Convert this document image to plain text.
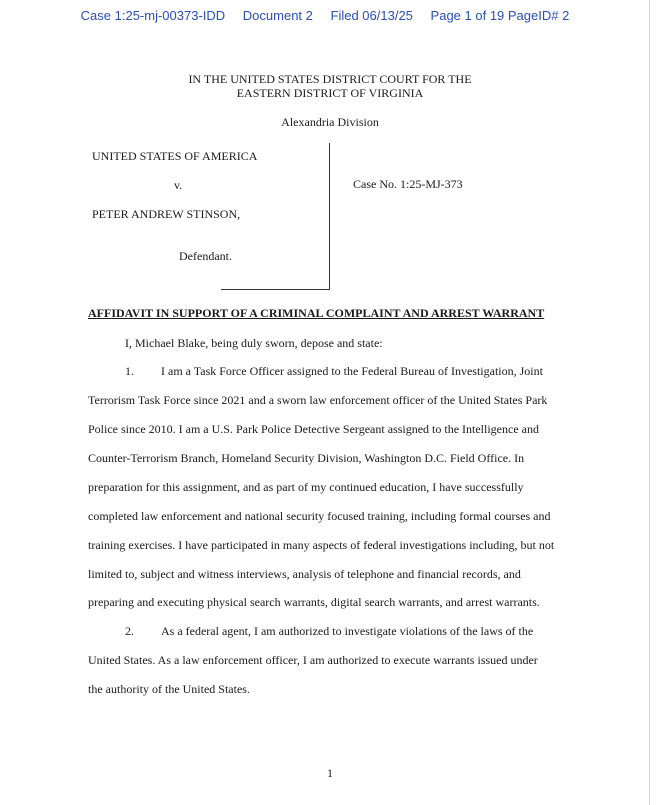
Case 1:25-mj-00373-IDD Document 2 Filed 06/13/25 Page 1 of 19 PageID# 2
IN THE UNITED STATES DISTRICT COURT FOR THE
EASTERN DISTRICT OF VIRGINIA
Alexandria Division
UNITED STATES OF AMERICA
v.
PETER ANDREW STINSON,
Defendant.
Case No. 1:25-MJ-373
AFFIDAVIT IN SUPPORT OF A CRIMINAL COMPLAINT AND ARREST WARRANT
I, Michael Blake, being duly sworn, depose and state:
1. I am a Task Force Officer assigned to the Federal Bureau of Investigation, Joint
Terrorism Task Force since 2021 and a sworn law enforcement officer of the United States Park
Police since 2010. I am a U.S. Park Police Detective Sergeant assigned to the Intelligence and
Counter-Terrorism Branch, Homeland Security Division, Washington D.C. Field Office. In
preparation for this assignment, and as part of my continued education, I have successfully
completed law enforcement and national security focused training, including formal courses and
training exercises. I have participated in many aspects of federal investigations including, but not
limited to, subject and witness interviews, analysis of telephone and financial records, and
preparing and executing physical search warrants, digital search warrants, and arrest warrants.
2. As a federal agent, I am authorized to investigate violations of the laws of the
United States. As a law enforcement officer, I am authorized to execute warrants issued under
the authority of the United States.
1
